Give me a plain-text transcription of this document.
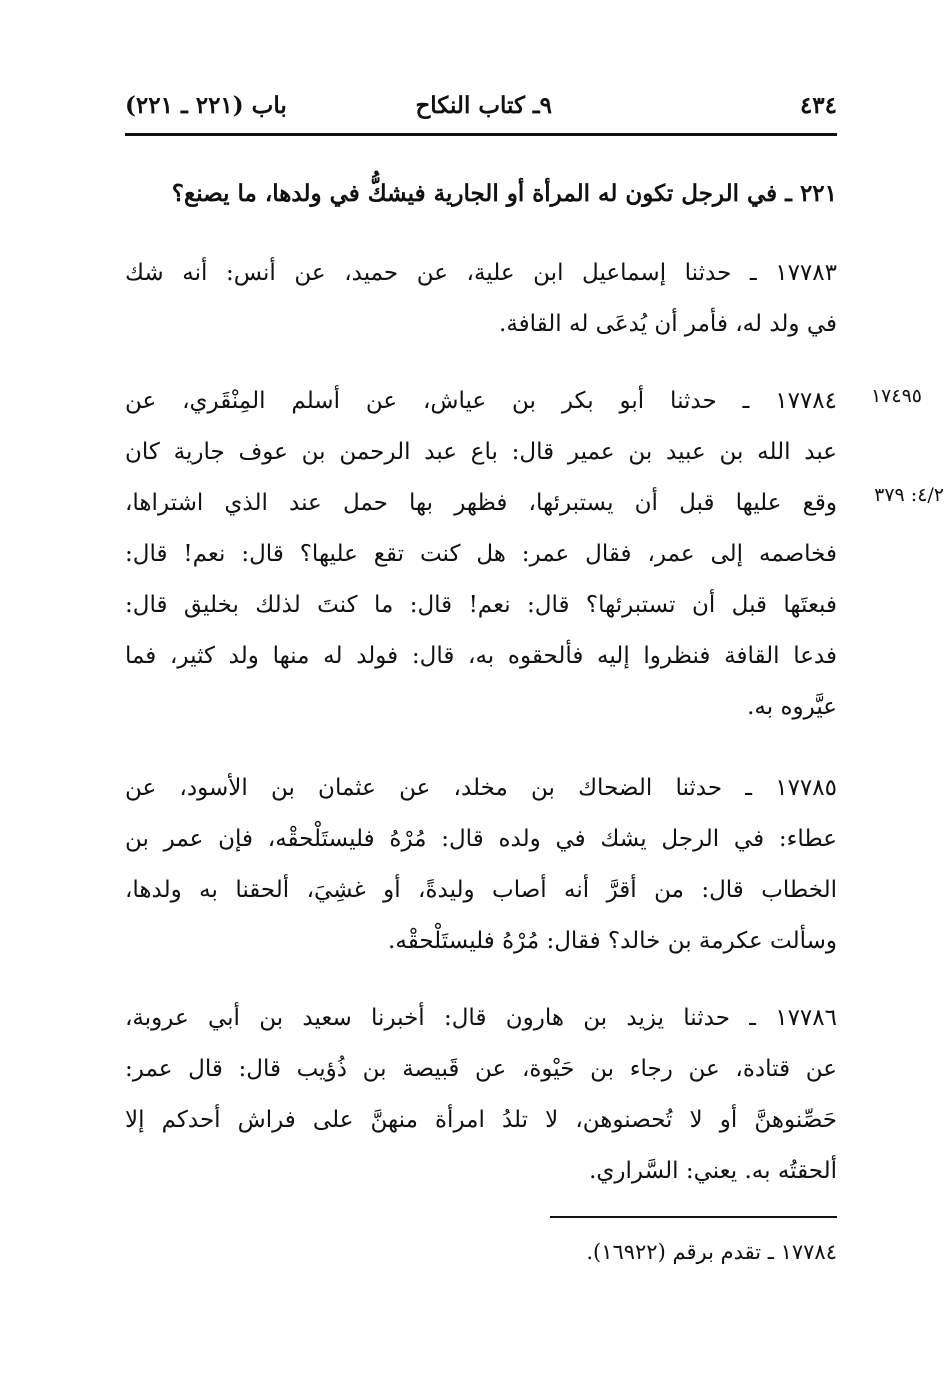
٤٣٤
٩ـ كتاب النكاح
باب (٢٢١ ـ ٢٢١)
١٧٤٩٥
٤/٢: ٣٧٩
٢٢١ ـ في الرجل تكون له المرأة أو الجارية فيشكُّ في ولدها، ما يصنع؟
١٧٧٨٣ ـ حدثنا إسماعيل ابن علية، عن حميد، عن أنس: أنه شك
في ولد له، فأمر أن يُدعَى له القافة.
١٧٧٨٤ ـ حدثنا أبو بكر بن عياش، عن أسلم المِنْقَري، عن
عبد الله بن عبيد بن عمير قال: باع عبد الرحمن بن عوف جارية كان
وقع عليها قبل أن يستبرئها، فظهر بها حمل عند الذي اشتراها،
فخاصمه إلى عمر، فقال عمر: هل كنت تقع عليها؟ قال: نعم! قال:
فبعتَها قبل أن تستبرئها؟ قال: نعم! قال: ما كنتَ لذلك بخليق قال:
فدعا القافة فنظروا إليه فألحقوه به، قال: فولد له منها ولد كثير، فما
عيَّروه به.
١٧٧٨٥ ـ حدثنا الضحاك بن مخلد، عن عثمان بن الأسود، عن
عطاء: في الرجل يشك في ولده قال: مُرْهُ فليستَلْحقْه، فإن عمر بن
الخطاب قال: من أقرَّ أنه أصاب وليدةً، أو غشِيَ، ألحقنا به ولدها،
وسألت عكرمة بن خالد؟ فقال: مُرْهُ فليستَلْحقْه.
١٧٧٨٦ ـ حدثنا يزيد بن هارون قال: أخبرنا سعيد بن أبي عروبة،
عن قتادة، عن رجاء بن حَيْوة، عن قَبيصة بن ذُؤيب قال: قال عمر:
حَصِّنوهنَّ أو لا تُحصنوهن، لا تلدُ امرأة منهنَّ على فراش أحدكم إلا
ألحقتُه به. يعني: السَّراري.
١٧٧٨٤ ـ تقدم برقم (١٦٩٢٢).
